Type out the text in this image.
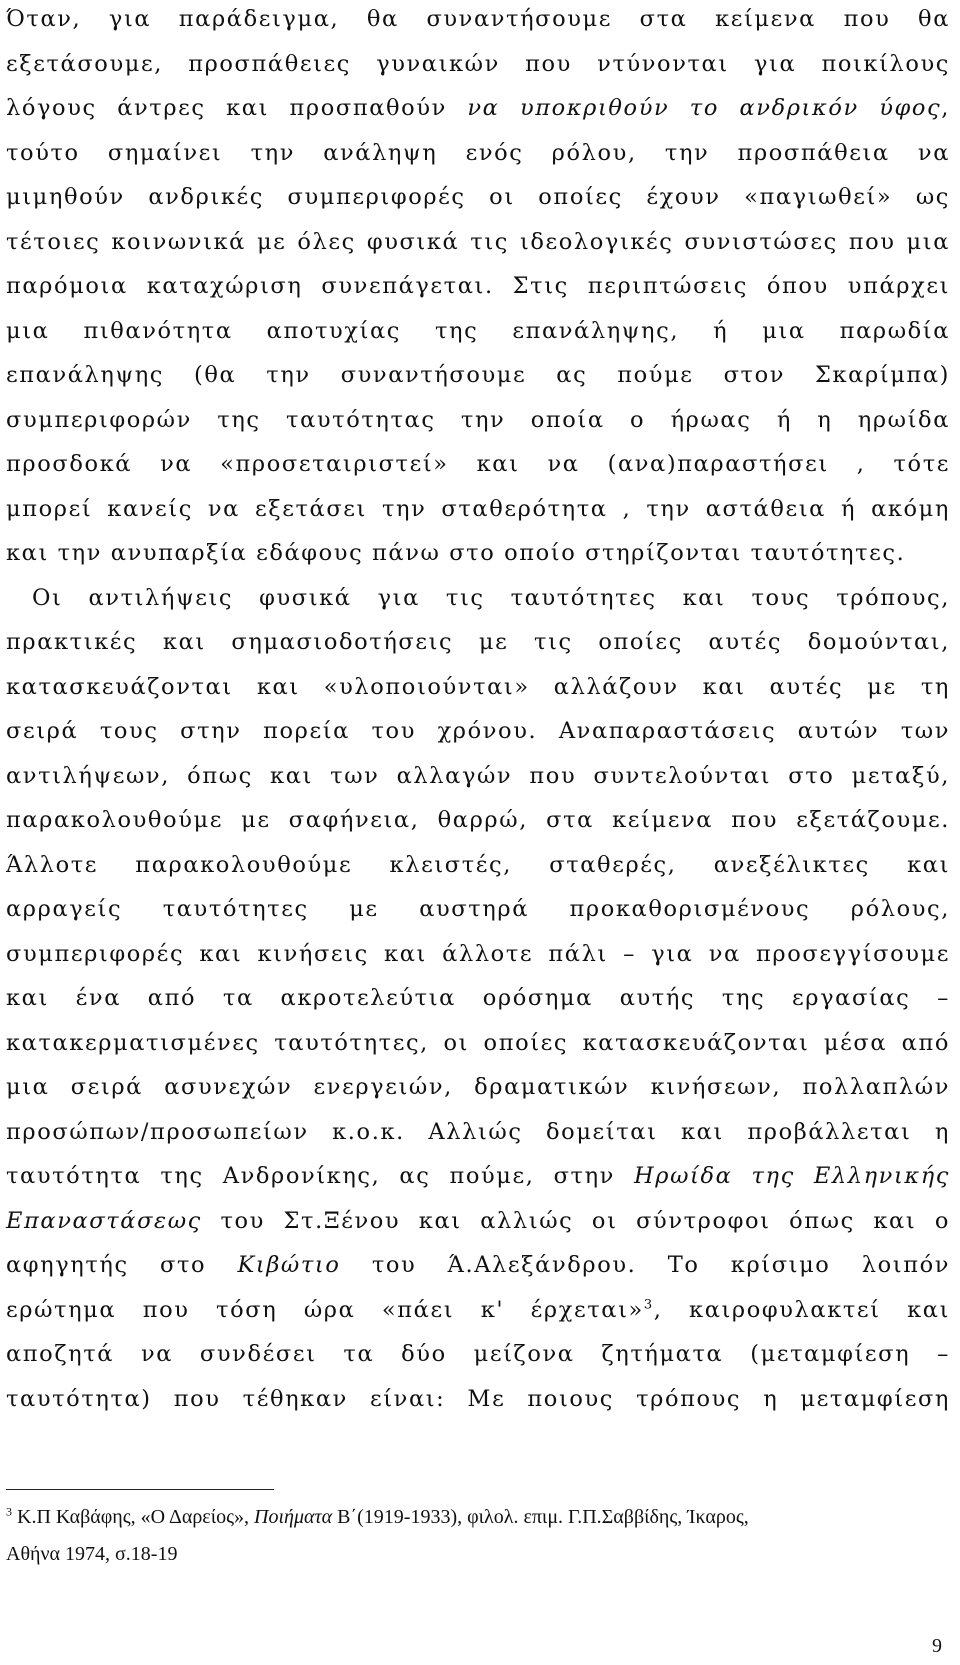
Όταν, για παράδειγμα, θα συναντήσουμε στα κείμενα που θα
εξετάσουμε, προσπάθειες γυναικών που ντύνονται για ποικίλους
λόγους άντρες και προσπαθούν να υποκριθούν το ανδρικόν ύφος,
τούτο σημαίνει την ανάληψη ενός ρόλου, την προσπάθεια να
μιμηθούν ανδρικές συμπεριφορές οι οποίες έχουν «παγιωθεί» ως
τέτοιες κοινωνικά με όλες φυσικά τις ιδεολογικές συνιστώσες που μια
παρόμοια καταχώριση συνεπάγεται. Στις περιπτώσεις όπου υπάρχει
μια πιθανότητα αποτυχίας της επανάληψης, ή μια παρωδία
επανάληψης (θα την συναντήσουμε ας πούμε στον Σκαρίμπα)
συμπεριφορών της ταυτότητας την οποία ο ήρωας ή η ηρωίδα
προσδοκά να «προσεταιριστεί» και να (ανα)παραστήσει , τότε
μπορεί κανείς να εξετάσει την σταθερότητα , την αστάθεια ή ακόμη
και την ανυπαρξία εδάφους πάνω στο οποίο στηρίζονται ταυτότητες.
Οι αντιλήψεις φυσικά για τις ταυτότητες και τους τρόπους,
πρακτικές και σημασιοδοτήσεις με τις οποίες αυτές δομούνται,
κατασκευάζονται και «υλοποιούνται» αλλάζουν και αυτές με τη
σειρά τους στην πορεία του χρόνου. Αναπαραστάσεις αυτών των
αντιλήψεων, όπως και των αλλαγών που συντελούνται στο μεταξύ,
παρακολουθούμε με σαφήνεια, θαρρώ, στα κείμενα που εξετάζουμε.
Άλλοτε παρακολουθούμε κλειστές, σταθερές, ανεξέλικτες και
αρραγείς ταυτότητες με αυστηρά προκαθορισμένους ρόλους,
συμπεριφορές και κινήσεις και άλλοτε πάλι – για να προσεγγίσουμε
και ένα από τα ακροτελεύτια ορόσημα αυτής της εργασίας –
κατακερματισμένες ταυτότητες, οι οποίες κατασκευάζονται μέσα από
μια σειρά ασυνεχών ενεργειών, δραματικών κινήσεων, πολλαπλών
προσώπων/προσωπείων κ.ο.κ. Αλλιώς δομείται και προβάλλεται η
ταυτότητα της Ανδρονίκης, ας πούμε, στην Ηρωίδα της Ελληνικής
Επαναστάσεως του Στ.Ξένου και αλλιώς οι σύντροφοι όπως και ο
αφηγητής στο Κιβώτιο του Ά.Αλεξάνδρου. Το κρίσιμο λοιπόν
ερώτημα που τόση ώρα «πάει κ' έρχεται»$^3$, καιροφυλακτεί και
αποζητά να συνδέσει τα δύο μείζονα ζητήματα (μεταμφίεση –
ταυτότητα) που τέθηκαν είναι: Με ποιους τρόπους η μεταμφίεση
$^3$ Κ.Π Καβάφης, «Ο Δαρείος», Ποιήματα Β΄(1919-1933), φιλολ. επιμ. Γ.Π.Σαββίδης, Ίκαρος,
Αθήνα 1974, σ.18-19
9
